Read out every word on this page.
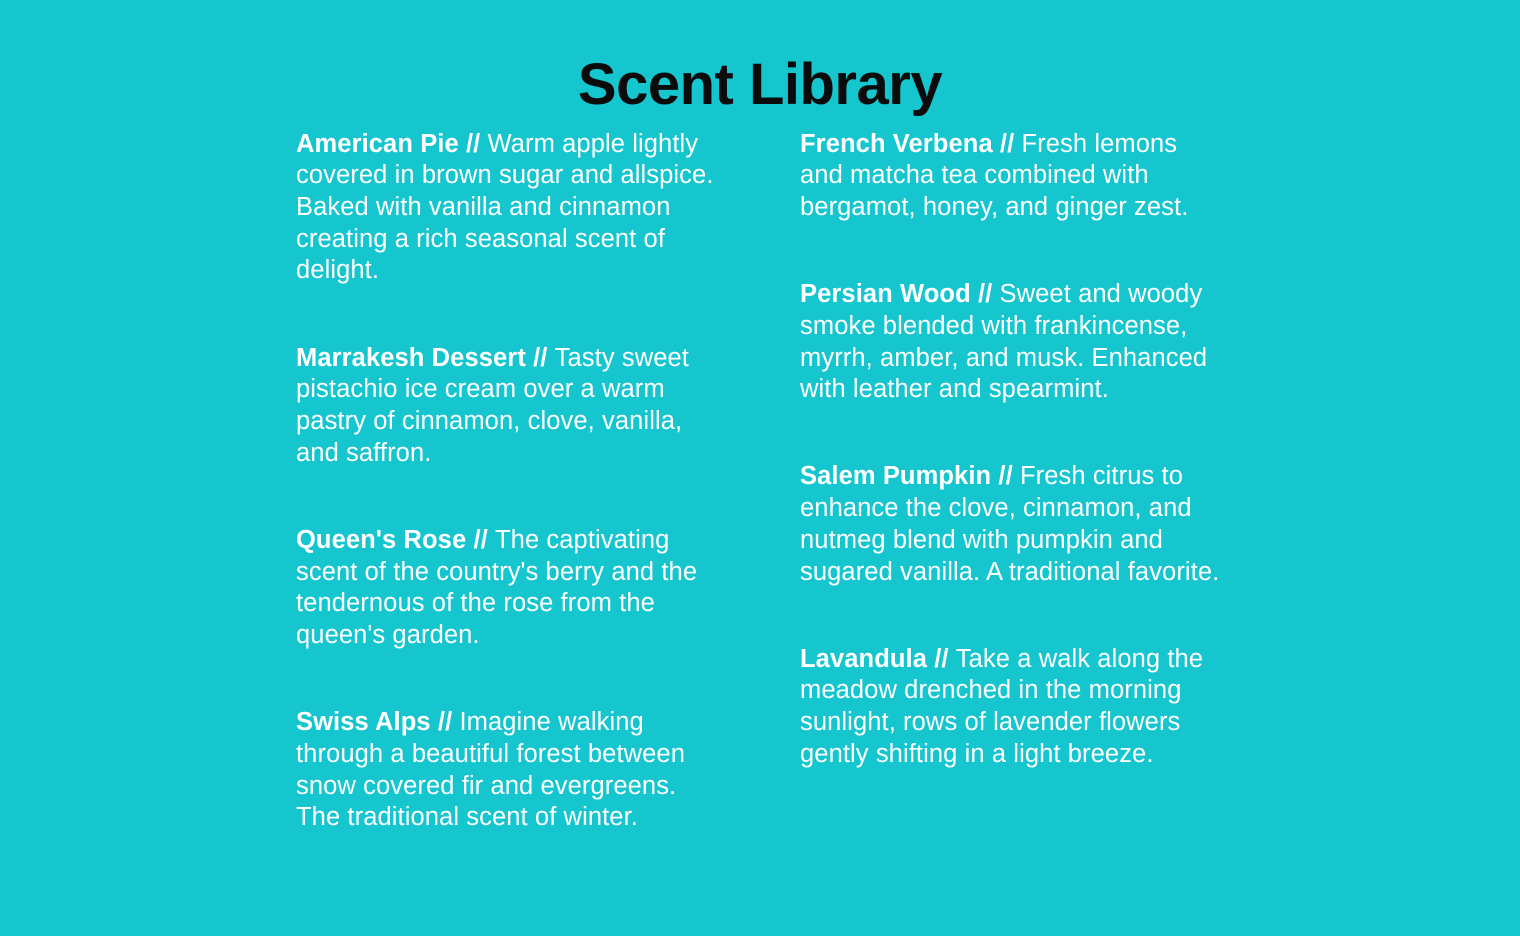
Scent Library

American Pie // Warm apple lightly covered in brown sugar and allspice. Baked with vanilla and cinnamon creating a rich seasonal scent of delight.

Marrakesh Dessert // Tasty sweet pistachio ice cream over a warm pastry of cinnamon, clove, vanilla, and saffron.

Queen's Rose // The captivating scent of the country's berry and the tendernous of the rose from the queen's garden.

Swiss Alps // Imagine walking through a beautiful forest between snow covered fir and evergreens. The traditional scent of winter.

French Verbena // Fresh lemons and matcha tea combined with bergamot, honey, and ginger zest.

Persian Wood // Sweet and woody smoke blended with frankincense, myrrh, amber, and musk. Enhanced with leather and spearmint.

Salem Pumpkin // Fresh citrus to enhance the clove, cinnamon, and nutmeg blend with pumpkin and sugared vanilla. A traditional favorite.

Lavandula // Take a walk along the meadow drenched in the morning sunlight, rows of lavender flowers gently shifting in a light breeze.
